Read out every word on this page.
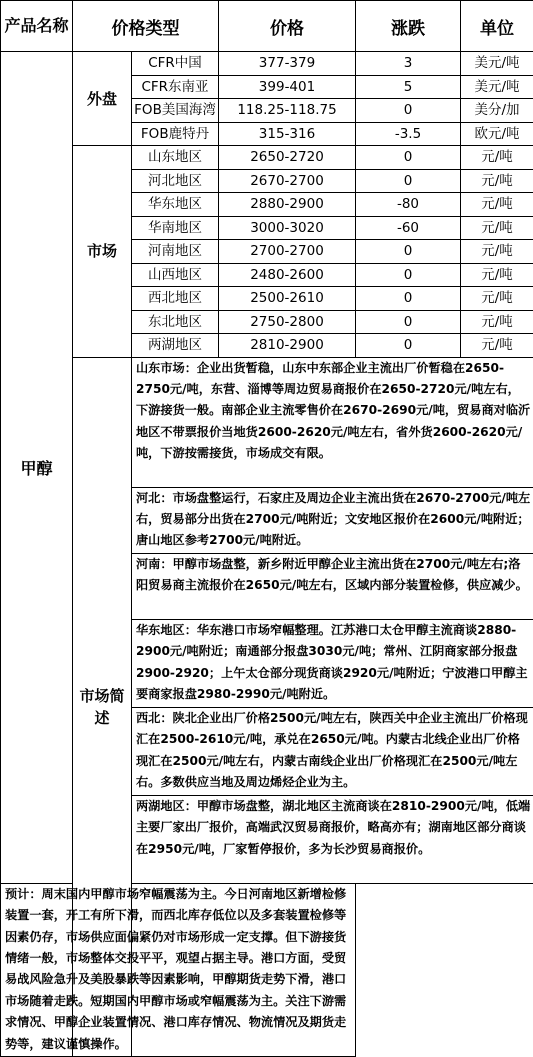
产品名称	价格类型		价格	涨跌	单位
甲醇	外盘	CFR中国	377-379	3	美元/吨
		CFR东南亚	399-401	5	美元/吨
		FOB美国海湾	118.25-118.75	0	美分/加
		FOB鹿特丹	315-316	-3.5	欧元/吨
	市场	山东地区	2650-2720	0	元/吨
		河北地区	2670-2700	0	元/吨
		华东地区	2880-2900	-80	元/吨
		华南地区	3000-3020	-60	元/吨
		河南地区	2700-2700	0	元/吨
		山西地区	2480-2600	0	元/吨
		西北地区	2500-2610	0	元/吨
		东北地区	2750-2800	0	元/吨
		两湖地区	2810-2900	0	元/吨

	市场简述	山东市场：企业出货暂稳，山东中东部企业主流出厂价暂稳在2650-2750元/吨，东营、淄博等周边贸易商报价在2650-2720元/吨左右，下游接货一般。南部企业主流零售价在2670-2690元/吨，贸易商对临沂地区不带票报价当地货2600-2620元/吨左右，省外货2600-2620元/吨，下游按需接货，市场成交有限。			
		河北：市场盘整运行，石家庄及周边企业主流出货在2670-2700元/吨左右，贸易部分出货在2700元/吨附近；文安地区报价在2600元/吨附近；唐山地区参考2700元/吨附近。			
		河南：甲醇市场盘整，新乡附近甲醇企业主流出货在2700元/吨左右;洛阳贸易商主流报价在2650元/吨左右，区域内部分装置检修，供应减少。			
		华东地区：华东港口市场窄幅整理。江苏港口太仓甲醇主流商谈2880-2900元/吨附近；南通部分报盘3030元/吨；常州、江阴商家部分报盘2900-2920；上午太仓部分现货商谈2920元/吨附近；宁波港口甲醇主要商家报盘2980-2990元/吨附近。			
		西北：陕北企业出厂价格2500元/吨左右，陕西关中企业主流出厂价格现汇在2500-2610元/吨，承兑在2650元/吨。内蒙古北线企业出厂价格现汇在2500元/吨左右，内蒙古南线企业出厂价格现汇在2500元/吨左右。多数供应当地及周边烯烃企业为主。			
		两湖地区：甲醇市场盘整，湖北地区主流商谈在2810-2900元/吨，低端主要厂家出厂报价，高端武汉贸易商报价，略高亦有；湖南地区部分商谈在2950元/吨，厂家暂停报价，多为长沙贸易商报价。			
预计：周末国内甲醇市场窄幅震荡为主。今日河南地区新增检修装置一套，开工有所下滑，而西北库存低位以及多套装置检修等因素仍存，市场供应面偏紧仍对市场形成一定支撑。但下游接货情绪一般，市场整体交投平平，观望占据主导。港口方面，受贸易战风险急升及美股暴跌等因素影响，甲醇期货走势下滑，港口市场随着走跌。短期国内甲醇市场或窄幅震荡为主。关注下游需求情况、甲醇企业装置情况、港口库存情况、物流情况及期货走势等，建议谨慎操作。					
